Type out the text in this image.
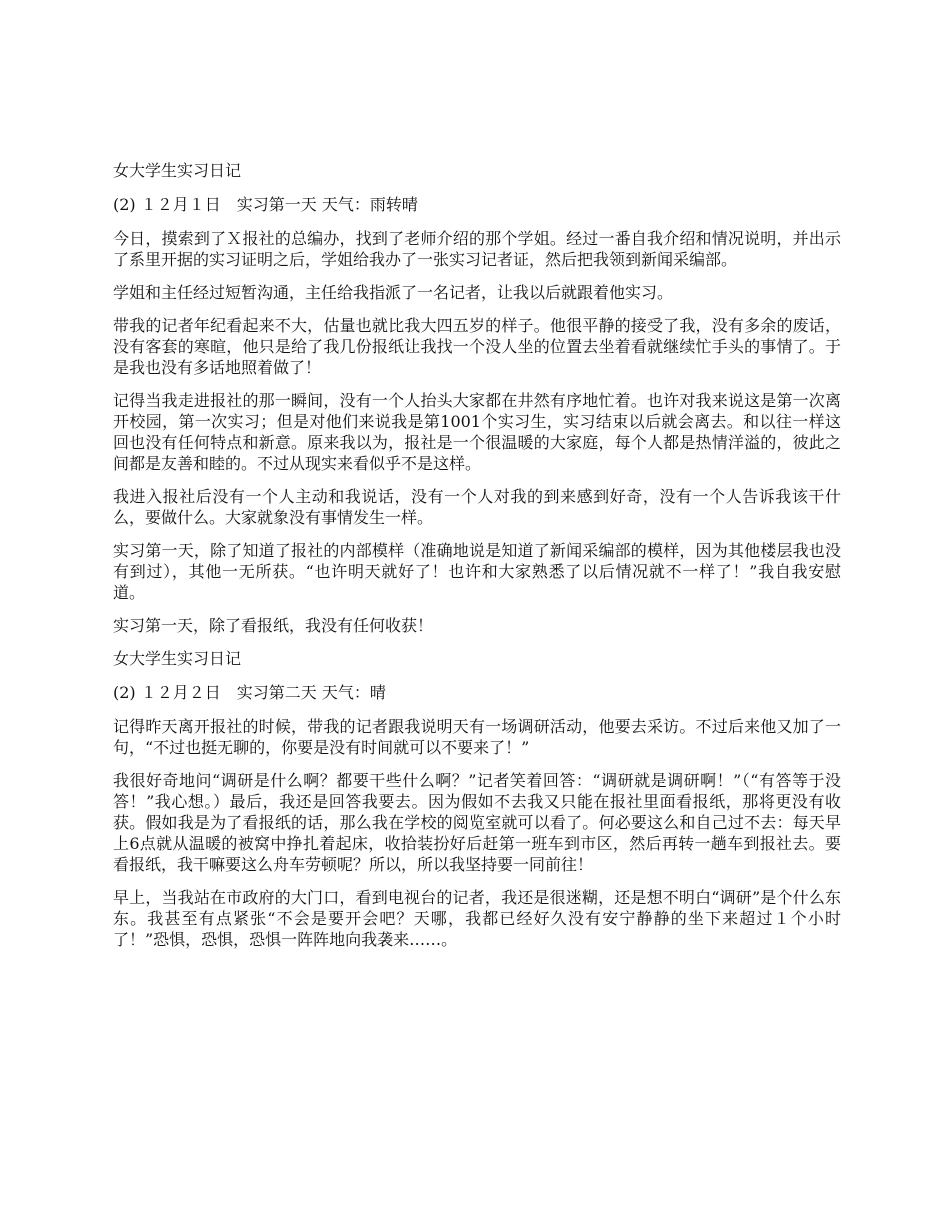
女大学生实习日记

(2) １２月１日　实习第一天 天气：雨转晴

今日，摸索到了Ｘ报社的总编办，找到了老师介绍的那个学姐。经过一番自我介绍和情况说明，并出示了系里开据的实习证明之后，学姐给我办了一张实习记者证，然后把我领到新闻采编部。

学姐和主任经过短暂沟通，主任给我指派了一名记者，让我以后就跟着他实习。

带我的记者年纪看起来不大，估量也就比我大四五岁的样子。他很平静的接受了我，没有多余的废话，没有客套的寒暄，他只是给了我几份报纸让我找一个没人坐的位置去坐着看就继续忙手头的事情了。于是我也没有多话地照着做了！

记得当我走进报社的那一瞬间，没有一个人抬头大家都在井然有序地忙着。也许对我来说这是第一次离开校园，第一次实习；但是对他们来说我是第1001个实习生，实习结束以后就会离去。和以往一样这回也没有任何特点和新意。原来我以为，报社是一个很温暖的大家庭，每个人都是热情洋溢的，彼此之间都是友善和睦的。不过从现实来看似乎不是这样。

我进入报社后没有一个人主动和我说话，没有一个人对我的到来感到好奇，没有一个人告诉我该干什么，要做什么。大家就象没有事情发生一样。

实习第一天，除了知道了报社的内部模样（准确地说是知道了新闻采编部的模样，因为其他楼层我也没有到过），其他一无所获。“也许明天就好了！也许和大家熟悉了以后情况就不一样了！”我自我安慰道。

实习第一天，除了看报纸，我没有任何收获！

女大学生实习日记

(2) １２月２日　实习第二天 天气：晴

记得昨天离开报社的时候，带我的记者跟我说明天有一场调研活动，他要去采访。不过后来他又加了一句，“不过也挺无聊的，你要是没有时间就可以不要来了！”

我很好奇地问“调研是什么啊？都要干些什么啊？”记者笑着回答：“调研就是调研啊！”（“有答等于没答！”我心想。）最后，我还是回答我要去。因为假如不去我又只能在报社里面看报纸，那将更没有收获。假如我是为了看报纸的话，那么我在学校的阅览室就可以看了。何必要这么和自己过不去：每天早上6点就从温暖的被窝中挣扎着起床，收拾装扮好后赶第一班车到市区，然后再转一趟车到报社去。要看报纸，我干嘛要这么舟车劳顿呢？所以，所以我坚持要一同前往！

早上，当我站在市政府的大门口，看到电视台的记者，我还是很迷糊，还是想不明白“调研”是个什么东东。我甚至有点紧张“不会是要开会吧？天哪，我都已经好久没有安宁静静的坐下来超过１个小时了！”恐惧，恐惧，恐惧一阵阵地向我袭来……。
